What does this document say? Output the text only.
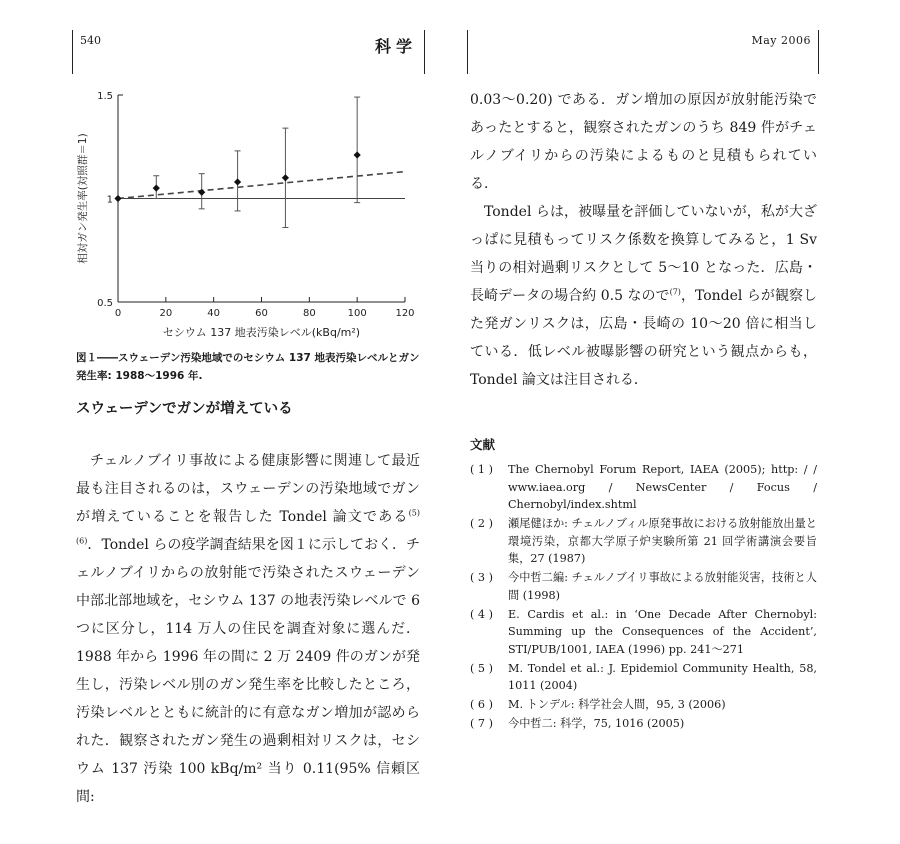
540	科学	May 2006
0.5
1
1.5
0	20	40	60	80	100	120
セシウム 137 地表汚染レベル(kBq/m²)
相対ガン発生率(対照群＝1)
図１――スウェーデン汚染地域でのセシウム 137 地表汚染レベルとガン発生率: 1988〜1996 年.
スウェーデンでガンが増えている
チェルノブイリ事故による健康影響に関連して最近最も注目されるのは，スウェーデンの汚染地域でガンが増えていることを報告した Tondel 論文である$^{(5)(6)}$．Tondel らの疫学調査結果を図１に示しておく．チェルノブイリからの放射能で汚染されたスウェーデン中部北部地域を，セシウム 137 の地表汚染レベルで 6 つに区分し，114 万人の住民を調査対象に選んだ．1988 年から 1996 年の間に 2 万 2409 件のガンが発生し，汚染レベル別のガン発生率を比較したところ，汚染レベルとともに統計的に有意なガン増加が認められた．観察されたガン発生の過剰相対リスクは，セシウム 137 汚染 100 kBq/m² 当り 0.11(95% 信頼区間:

0.03〜0.20) である．ガン増加の原因が放射能汚染であったとすると，観察されたガンのうち 849 件がチェルノブイリからの汚染によるものと見積もられている．

Tondel らは，被曝量を評価していないが，私が大ざっぱに見積もってリスク係数を換算してみると，1 Sv 当りの相対過剰リスクとして 5〜10 となった．広島・長崎データの場合約 0.5 なので$^{(7)}$，Tondel らが観察した発ガンリスクは，広島・長崎の 10〜20 倍に相当している．低レベル被曝影響の研究という観点からも，Tondel 論文は注目される．

文献
( 1 ) The Chernobyl Forum Report, IAEA (2005); http: / / www.iaea.org / NewsCenter / Focus / Chernobyl/index.shtml
( 2 ) 瀬尾健ほか: チェルノブィル原発事故における放射能放出量と環境汚染，京都大学原子炉実験所第 21 回学術講演会要旨集，27 (1987)
( 3 ) 今中哲二編: チェルノブイリ事故による放射能災害，技術と人間 (1998)
( 4 ) E. Cardis et al.: in ‘One Decade After Chernobyl: Summing up the Consequences of the Accident’, STI/PUB/1001, IAEA (1996) pp. 241〜271
( 5 ) M. Tondel et al.: J. Epidemiol Community Health, 58, 1011 (2004)
( 6 ) M. トンデル: 科学社会人間，95, 3 (2006)
( 7 ) 今中哲二: 科学，75, 1016 (2005)
